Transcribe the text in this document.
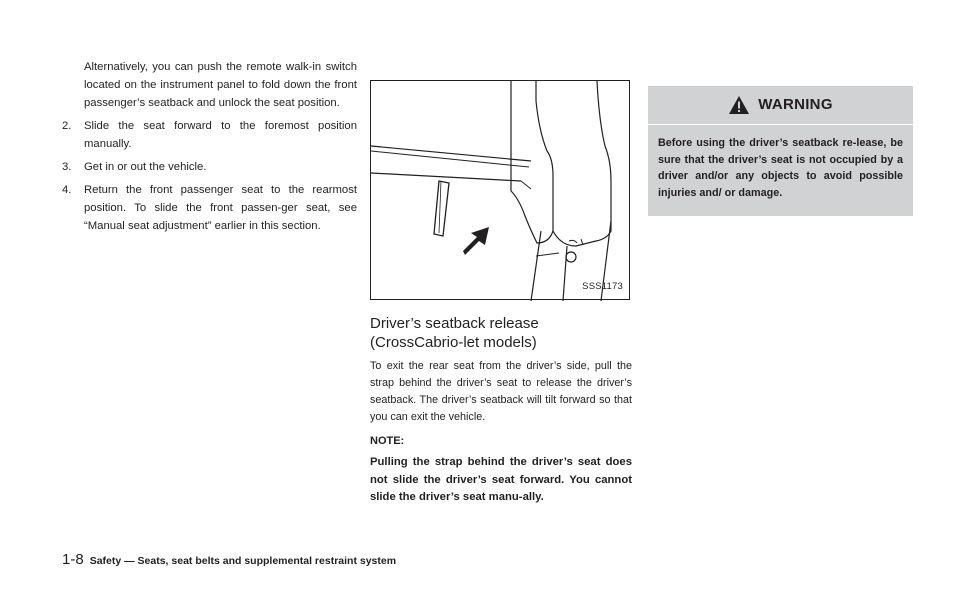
Alternatively, you can push the remote walk-in switch located on the instrument panel to fold down the front passenger’s seatback and unlock the seat position.

2.	Slide the seat forward to the foremost position manually.
3.	Get in or out the vehicle.
4.	Return the front passenger seat to the rearmost position. To slide the front passen-ger seat, see “Manual seat adjustment” earlier in this section.
SSS1173
Driver’s seatback release (CrossCabrio-let models)

To exit the rear seat from the driver’s side, pull the strap behind the driver’s seat to release the driver’s seatback. The driver’s seatback will tilt forward so that you can exit the vehicle.

NOTE:

Pulling the strap behind the driver’s seat does not slide the driver’s seat forward. You cannot slide the driver’s seat manu-ally.

WARNING

Before using the driver’s seatback re-lease, be sure that the driver’s seat is not occupied by a driver and/or any objects to avoid possible injuries and/ or damage.

1-8 Safety — Seats, seat belts and supplemental restraint system
